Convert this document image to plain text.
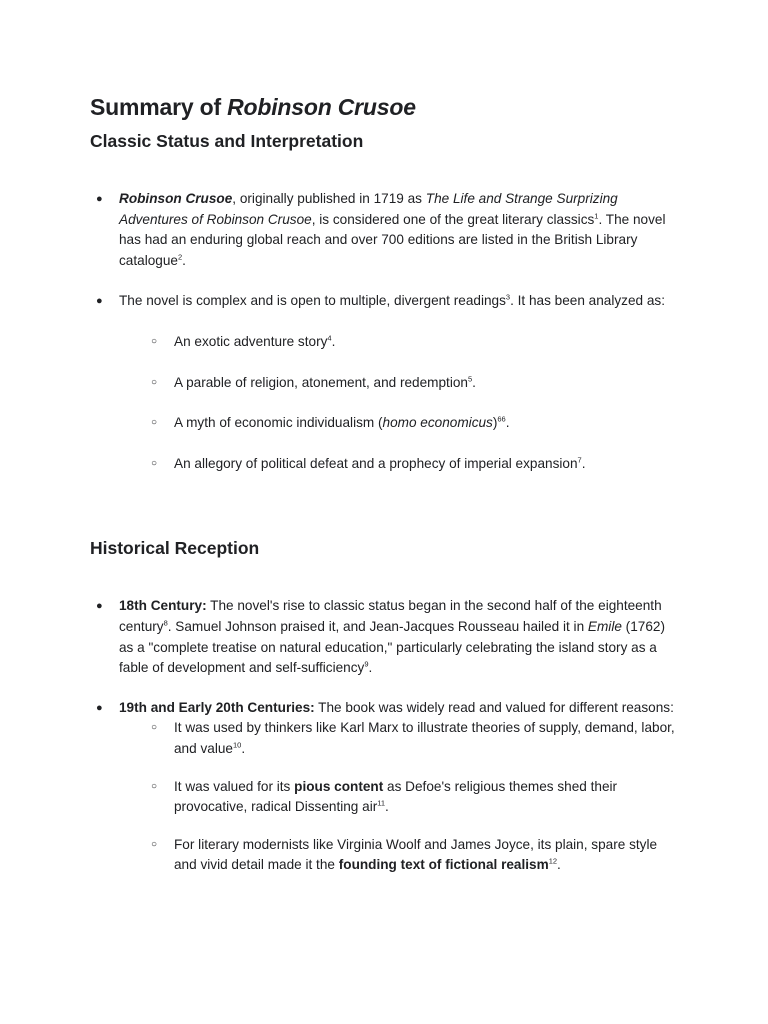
Summary of Robinson Crusoe
Classic Status and Interpretation
● Robinson Crusoe, originally published in 1719 as The Life and Strange Surprizing Adventures of Robinson Crusoe, is considered one of the great literary classics$^1$. The novel has had an enduring global reach and over 700 editions are listed in the British Library catalogue$^2$.
● The novel is complex and is open to multiple, divergent readings$^3$. It has been analyzed as:
○ An exotic adventure story$^4$.
○ A parable of religion, atonement, and redemption$^5$.
○ A myth of economic individualism (homo economicus)$^{66}$.
○ An allegory of political defeat and a prophecy of imperial expansion$^7$.
Historical Reception
● 18th Century: The novel's rise to classic status began in the second half of the eighteenth century$^8$. Samuel Johnson praised it, and Jean-Jacques Rousseau hailed it in Emile (1762) as a "complete treatise on natural education," particularly celebrating the island story as a fable of development and self-sufficiency$^9$.
● 19th and Early 20th Centuries: The book was widely read and valued for different reasons:
○ It was used by thinkers like Karl Marx to illustrate theories of supply, demand, labor, and value$^{10}$.
○ It was valued for its pious content as Defoe's religious themes shed their provocative, radical Dissenting air$^{11}$.
○ For literary modernists like Virginia Woolf and James Joyce, its plain, spare style and vivid detail made it the founding text of fictional realism$^{12}$.
